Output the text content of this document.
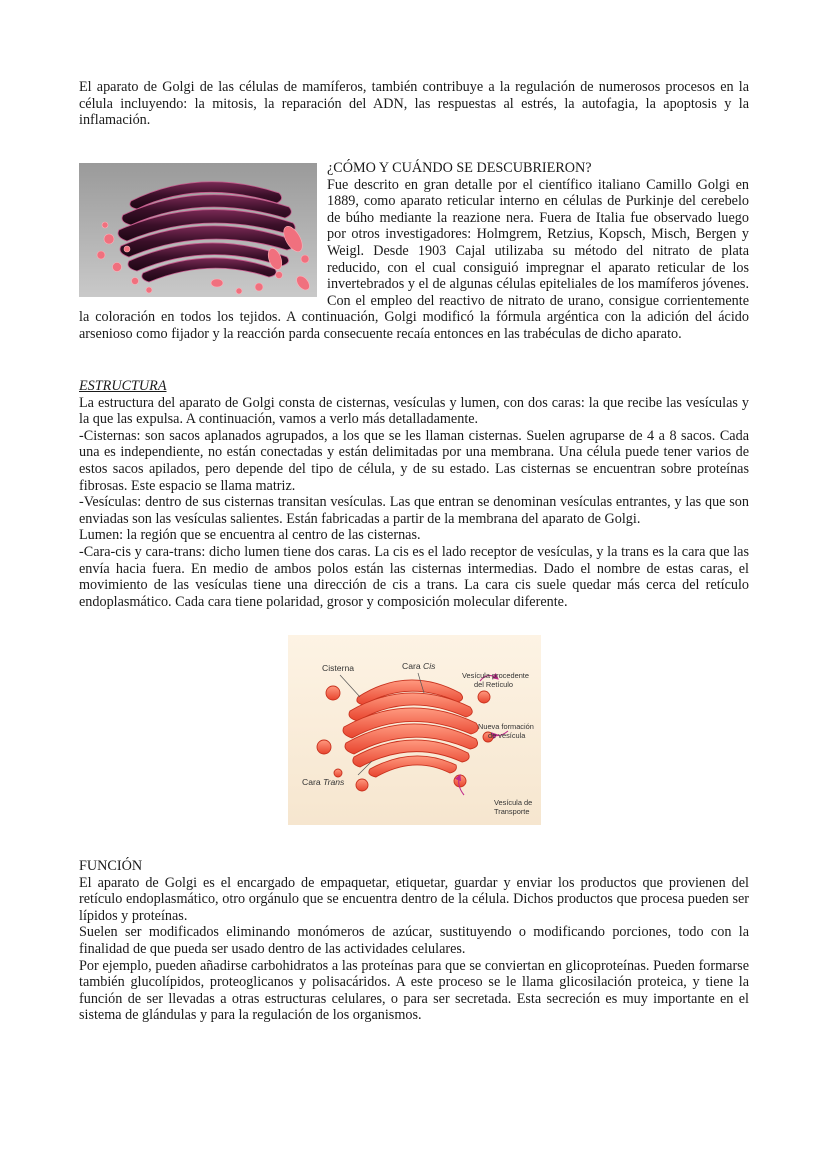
El aparato de Golgi de las células de mamíferos, también contribuye a la regulación de numerosos procesos en la célula incluyendo: la mitosis, la reparación del ADN, las respuestas al estrés, la autofagia, la apoptosis y la inflamación.

¿CÓMO Y CUÁNDO SE DESCUBRIERON?

Fue descrito en gran detalle por el científico italiano Camillo Golgi en 1889, como aparato reticular interno en células de Purkinje del cerebelo de búho mediante la reazione nera. Fuera de Italia fue observado luego por otros investigadores: Holmgrem, Retzius, Kopsch, Misch, Bergen y Weigl. Desde 1903 Cajal utilizaba su método del nitrato de plata reducido, con el cual consiguió impregnar el aparato reticular de los invertebrados y el de algunas células epiteliales de los mamíferos jóvenes. Con el empleo del reactivo de nitrato de urano, consigue corrientemente la coloración en todos los tejidos. A continuación, Golgi modificó la fórmula argéntica con la adición del ácido arsenioso como fijador y la reacción parda consecuente recaía entonces en las trabéculas de dicho aparato.

ESTRUCTURA

La estructura del aparato de Golgi consta de cisternas, vesículas y lumen, con dos caras: la que recibe las vesículas y la que las expulsa. A continuación, vamos a verlo más detalladamente.

-Cisternas: son sacos aplanados agrupados, a los que se les llaman cisternas. Suelen agruparse de 4 a 8 sacos. Cada una es independiente, no están conectadas y están delimitadas por una membrana. Una célula puede tener varios de estos sacos apilados, pero depende del tipo de célula, y de su estado. Las cisternas se encuentran sobre proteínas fibrosas. Este espacio se llama matriz.

-Vesículas: dentro de sus cisternas transitan vesículas. Las que entran se denominan vesículas entrantes, y las que son enviadas son las vesículas salientes. Están fabricadas a partir de la membrana del aparato de Golgi.

Lumen: la región que se encuentra al centro de las cisternas.

-Cara-cis y cara-trans: dicho lumen tiene dos caras. La cis es el lado receptor de vesículas, y la trans es la cara que las envía hacia fuera. En medio de ambos polos están las cisternas intermedias. Dado el nombre de estas caras, el movimiento de las vesículas tiene una dirección de cis a trans. La cara cis suele quedar más cerca del retículo endoplasmático. Cada cara tiene polaridad, grosor y composición molecular diferente.

Cisterna	Cara Cis
Vesícula procedente del Retículo
Nueva formación de vesícula
Cara Trans
Vesícula de Transporte
FUNCIÓN

El aparato de Golgi es el encargado de empaquetar, etiquetar, guardar y enviar los productos que provienen del retículo endoplasmático, otro orgánulo que se encuentra dentro de la célula. Dichos productos que procesa pueden ser lípidos y proteínas.

Suelen ser modificados eliminando monómeros de azúcar, sustituyendo o modificando porciones, todo con la finalidad de que pueda ser usado dentro de las actividades celulares.

Por ejemplo, pueden añadirse carbohidratos a las proteínas para que se conviertan en glicoproteínas. Pueden formarse también glucolípidos, proteoglicanos y polisacáridos. A este proceso se le llama glicosilación proteica, y tiene la función de ser llevadas a otras estructuras celulares, o para ser secretada. Esta secreción es muy importante en el sistema de glándulas y para la regulación de los organismos.
